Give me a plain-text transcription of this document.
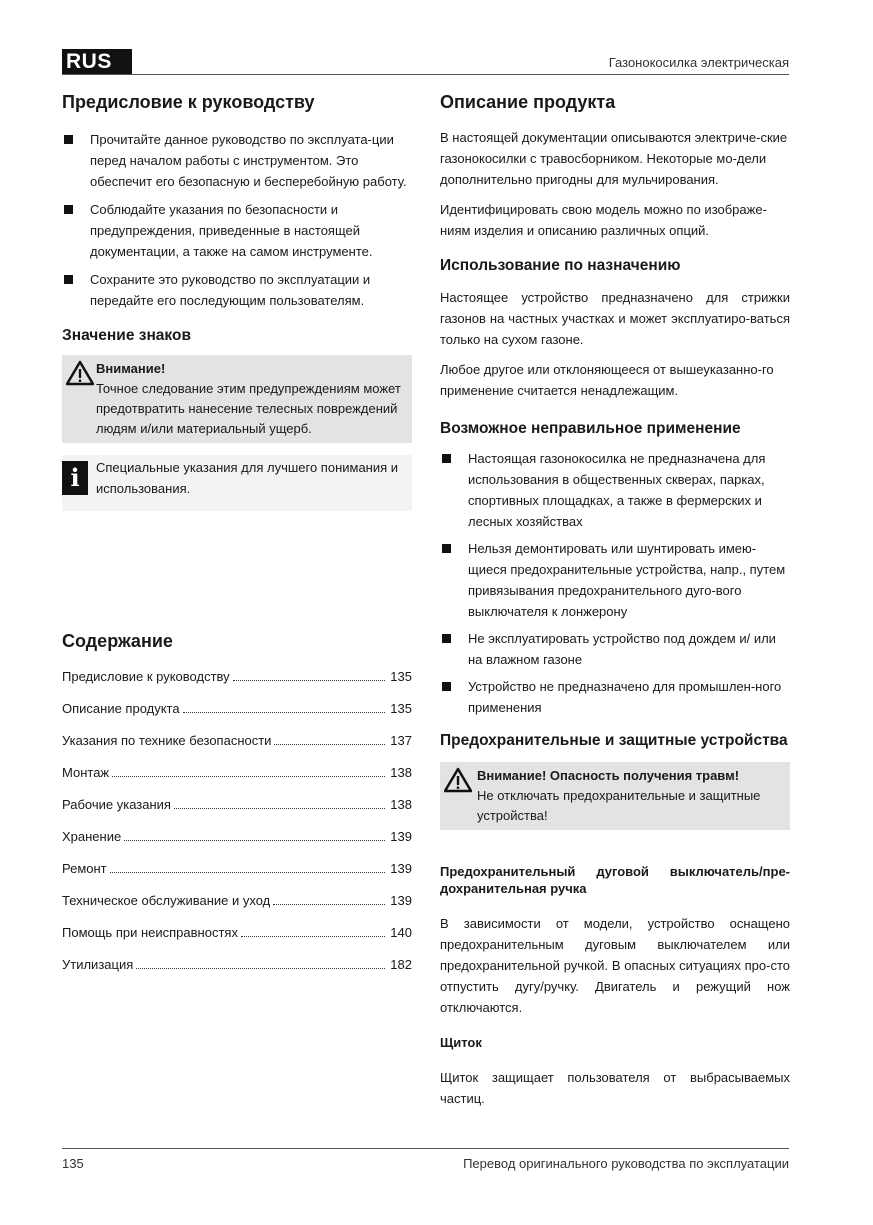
RUS	Газонокосилка электрическая
Предисловие к руководству
Прочитайте данное руководство по эксплуата-ции перед началом работы с инструментом. Это обеспечит его безопасную и бесперебойную работу.
Соблюдайте указания по безопасности и предупреждения, приведенные в настоящей документации, а также на самом инструменте.
Сохраните это руководство по эксплуатации и передайте его последующим пользователям.
Значение знаков
Внимание!
Точное следование этим предупреждениям может предотвратить нанесение телесных повреждений людям и/или материальный ущерб.
i	Специальные указания для лучшего понимания и использования.
Содержание
Предисловие к руководству	135
Описание продукта	135
Указания по технике безопасности	137
Монтаж	138
Рабочие указания	138
Хранение	139
Ремонт	139
Техническое обслуживание и уход	139
Помощь при неисправностях	140
Утилизация	182
Описание продукта

В настоящей документации описываются электриче-ские газонокосилки с травосборником. Некоторые мо-дели дополнительно пригодны для мульчирования.

Идентифицировать свою модель можно по изображе-ниям изделия и описанию различных опций.

Использование по назначению

Настоящее устройство предназначено для стрижки газонов на частных участках и может эксплуатиро-ваться только на сухом газоне.

Любое другое или отклоняющееся от вышеуказанно-го применение считается ненадлежащим.

Возможное неправильное применение
Настоящая газонокосилка не предназначена для использования в общественных скверах, парках, спортивных площадках, а также в фермерских и лесных хозяйствах
Нельзя демонтировать или шунтировать имею-щиеся предохранительные устройства, напр., путем привязывания предохранительного дуго-вого выключателя к лонжерону
Не эксплуатировать устройство под дождем и/ или на влажном газоне
Устройство не предназначено для промышлен-ного применения
Предохранительные и защитные устройства
Внимание! Опасность получения травм!
Не отключать предохранительные и защитные устройства!
Предохранительный дуговой выключатель/пре-дохранительная ручка

В зависимости от модели, устройство оснащено предохранительным дуговым выключателем или предохранительной ручкой. В опасных ситуациях про-сто отпустить дугу/ручку. Двигатель и режущий нож отключаются.

Щиток

Щиток защищает пользователя от выбрасываемых частиц.

135	Перевод оригинального руководства по эксплуатации
